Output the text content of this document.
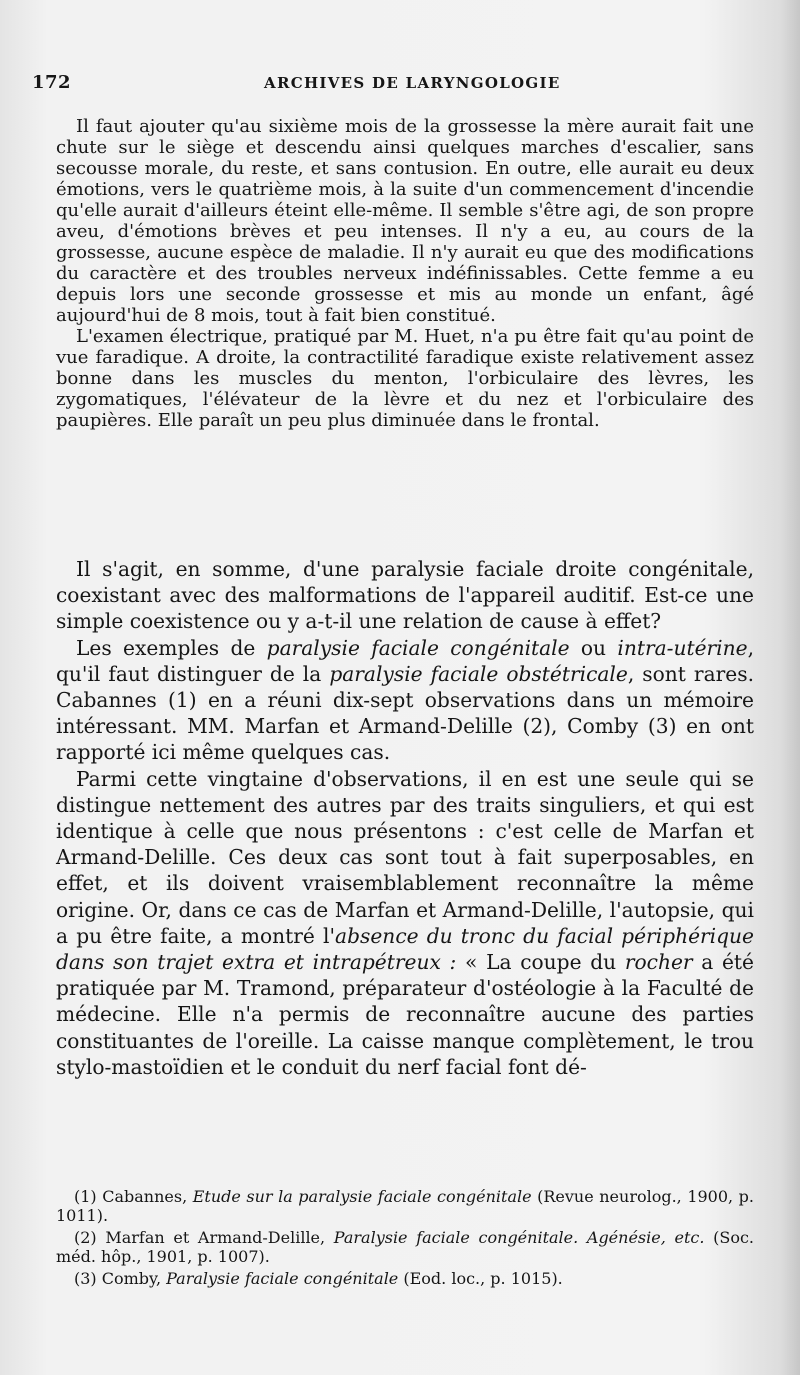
172	ARCHIVES DE LARYNGOLOGIE

Il faut ajouter qu'au sixième mois de la grossesse la mère aurait fait une chute sur le siège et descendu ainsi quelques marches d'escalier, sans secousse morale, du reste, et sans contusion. En outre, elle aurait eu deux émotions, vers le quatrième mois, à la suite d'un commencement d'incendie qu'elle aurait d'ailleurs éteint elle-même. Il semble s'être agi, de son propre aveu, d'émotions brèves et peu intenses. Il n'y a eu, au cours de la grossesse, aucune espèce de maladie. Il n'y aurait eu que des modifications du caractère et des troubles nerveux indéfinissables. Cette femme a eu depuis lors une seconde grossesse et mis au monde un enfant, âgé aujourd'hui de 8 mois, tout à fait bien constitué.

L'examen électrique, pratiqué par M. Huet, n'a pu être fait qu'au point de vue faradique. A droite, la contractilité faradique existe relativement assez bonne dans les muscles du menton, l'orbiculaire des lèvres, les zygomatiques, l'élévateur de la lèvre et du nez et l'orbiculaire des paupières. Elle paraît un peu plus diminuée dans le frontal.

Il s'agit, en somme, d'une paralysie faciale droite congénitale, coexistant avec des malformations de l'appareil auditif. Est-ce une simple coexistence ou y a-t-il une relation de cause à effet?

Les exemples de paralysie faciale congénitale ou intra-utérine, qu'il faut distinguer de la paralysie faciale obstétricale, sont rares. Cabannes (1) en a réuni dix-sept observations dans un mémoire intéressant. MM. Marfan et Armand-Delille (2), Comby (3) en ont rapporté ici même quelques cas.

Parmi cette vingtaine d'observations, il en est une seule qui se distingue nettement des autres par des traits singuliers, et qui est identique à celle que nous présentons : c'est celle de Marfan et Armand-Delille. Ces deux cas sont tout à fait superposables, en effet, et ils doivent vraisemblablement reconnaître la même origine. Or, dans ce cas de Marfan et Armand-Delille, l'autopsie, qui a pu être faite, a montré l'absence du tronc du facial périphérique dans son trajet extra et intrapétreux : « La coupe du rocher a été pratiquée par M. Tramond, préparateur d'ostéologie à la Faculté de médecine. Elle n'a permis de reconnaître aucune des parties constituantes de l'oreille. La caisse manque complètement, le trou stylo-mastoïdien et le conduit du nerf facial font dé-

(1) Cabannes, Etude sur la paralysie faciale congénitale (Revue neurolog., 1900, p. 1011).

(2) Marfan et Armand-Delille, Paralysie faciale congénitale. Agénésie, etc. (Soc. méd. hôp., 1901, p. 1007).

(3) Comby, Paralysie faciale congénitale (Eod. loc., p. 1015).
